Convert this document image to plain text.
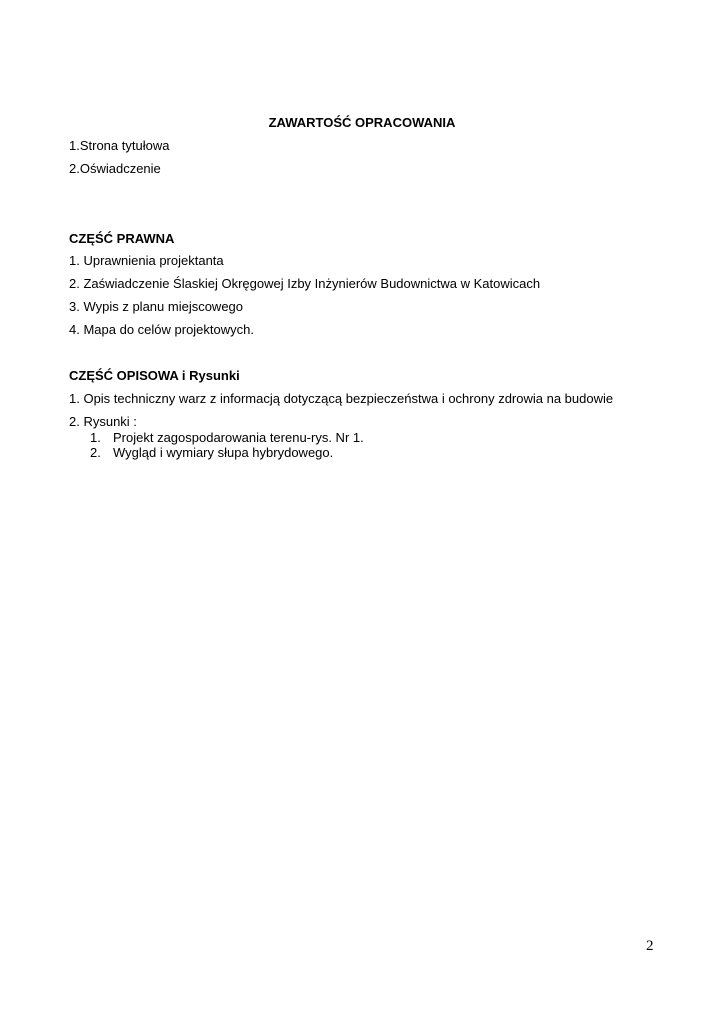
ZAWARTOŚĆ OPRACOWANIA
1.Strona tytułowa
2.Oświadczenie
CZĘŚĆ PRAWNA
1. Uprawnienia projektanta
2. Zaświadczenie Ślaskiej Okręgowej Izby Inżynierów Budownictwa w Katowicach
3. Wypis z planu miejscowego
4. Mapa do celów projektowych.
CZĘŚĆ OPISOWA i Rysunki
1. Opis techniczny warz z informacją dotyczącą bezpieczeństwa i ochrony zdrowia na budowie
2. Rysunki :
1. Projekt zagospodarowania terenu-rys. Nr 1.
2. Wygląd i wymiary słupa hybrydowego.
2
